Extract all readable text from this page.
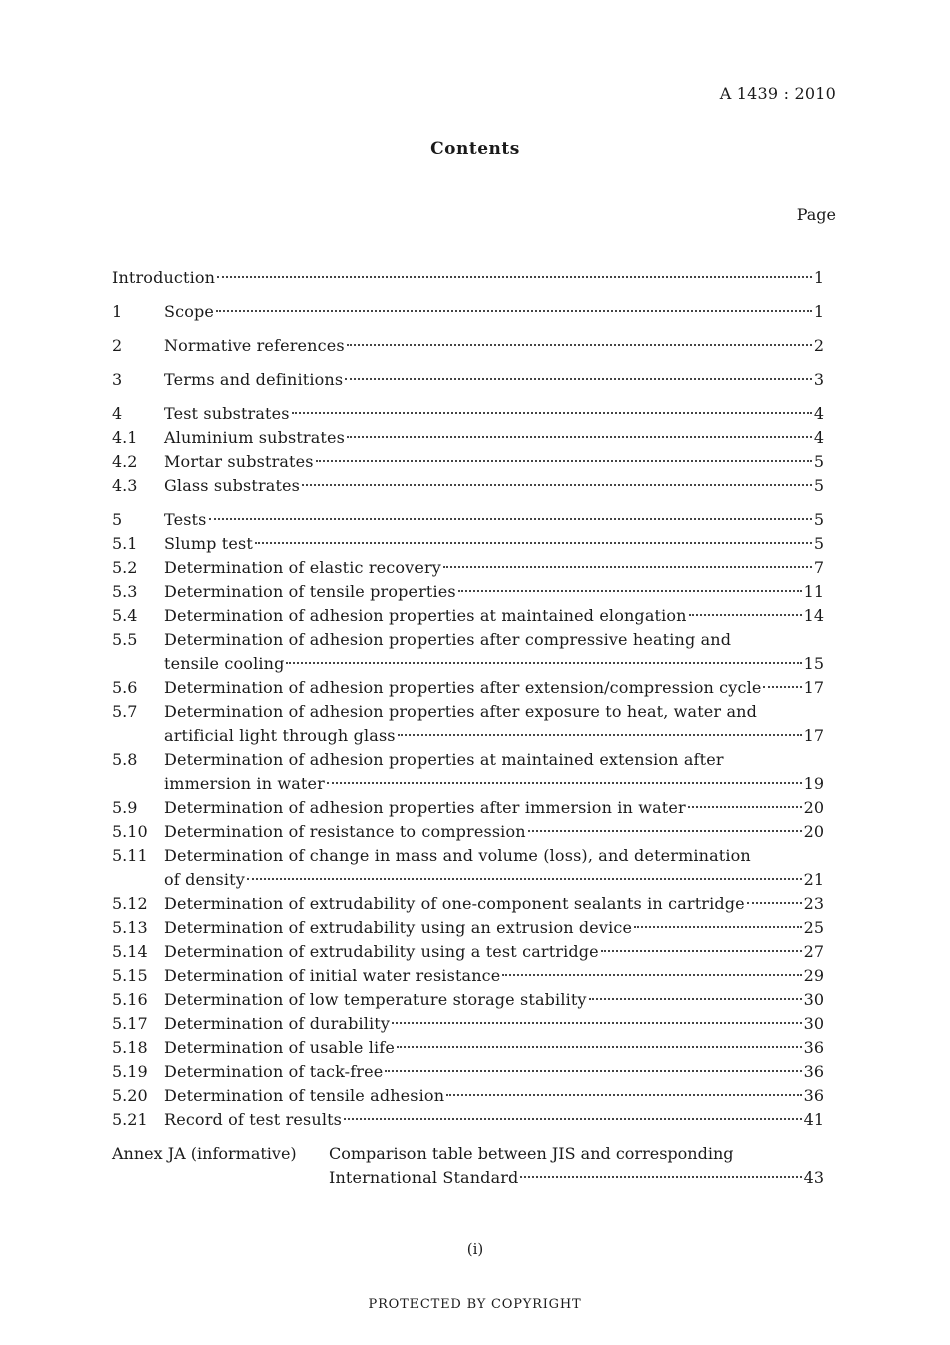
A 1439 : 2010
Contents
Page
Introduction	1
1	Scope	1
2	Normative references	2
3	Terms and definitions	3
4	Test substrates	4
4.1 Aluminium substrates	4
4.2 Mortar substrates	5
4.3 Glass substrates	5
5	Tests	5
5.1 Slump test	5
5.2 Determination of elastic recovery	7
5.3 Determination of tensile properties	11
5.4 Determination of adhesion properties at maintained elongation	14
5.5 Determination of adhesion properties after compressive heating and
tensile cooling	15
5.6 Determination of adhesion properties after extension/compression cycle	17
5.7 Determination of adhesion properties after exposure to heat, water and
artificial light through glass	17
5.8 Determination of adhesion properties at maintained extension after
immersion in water	19
5.9 Determination of adhesion properties after immersion in water	20
5.10 Determination of resistance to compression	20
5.11 Determination of change in mass and volume (loss), and determination
of density	21
5.12 Determination of extrudability of one-component sealants in cartridge	23
5.13 Determination of extrudability using an extrusion device	25
5.14 Determination of extrudability using a test cartridge	27
5.15 Determination of initial water resistance	29
5.16 Determination of low temperature storage stability	30
5.17 Determination of durability	30
5.18 Determination of usable life	36
5.19 Determination of tack-free	36
5.20 Determination of tensile adhesion	36
5.21 Record of test results	41
Annex JA (informative) Comparison table between JIS and corresponding
International Standard	43
(i)
PROTECTED BY COPYRIGHT
